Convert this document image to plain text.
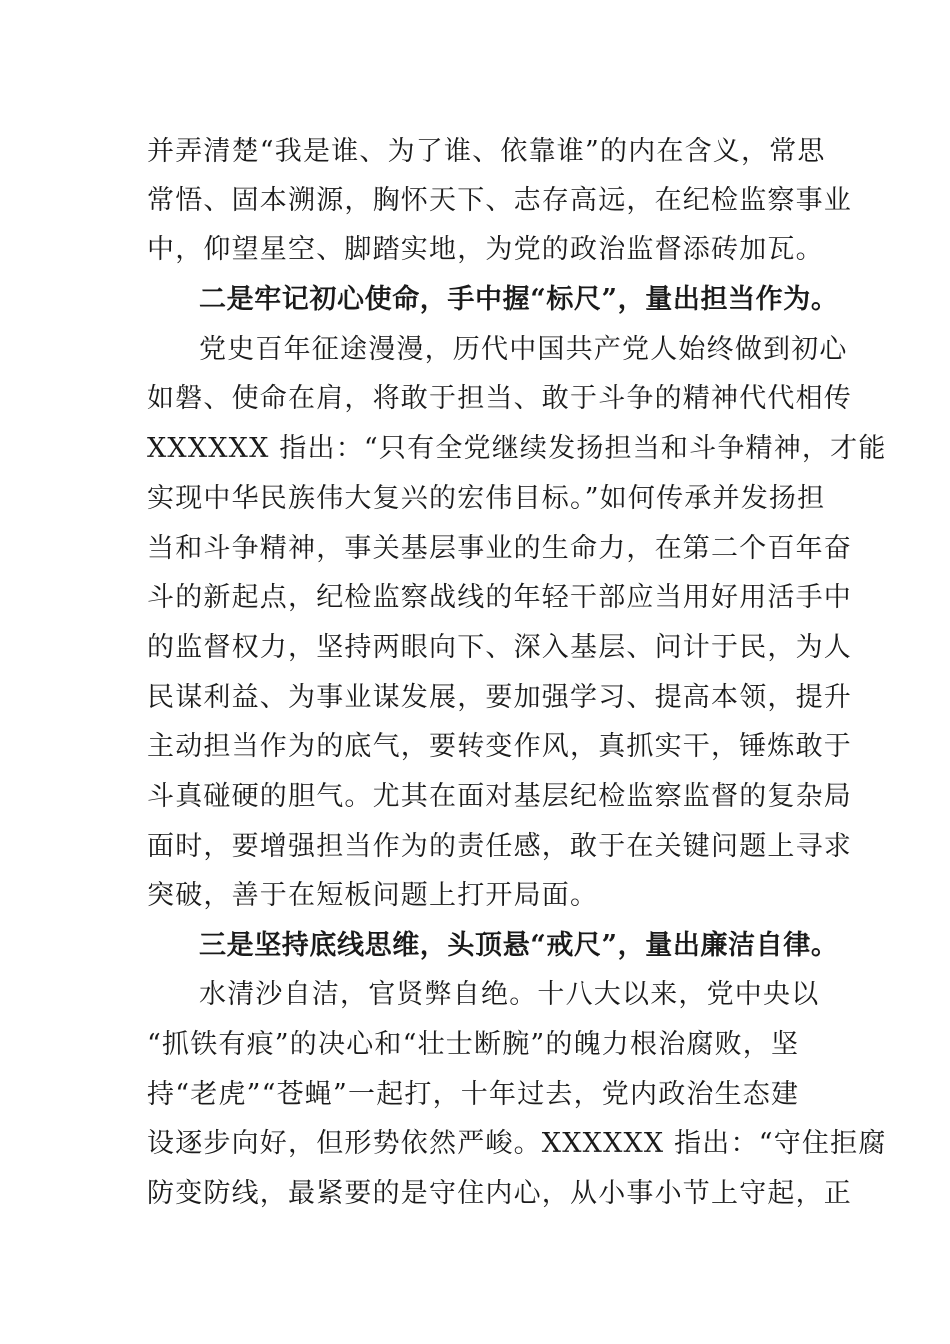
并弄清楚“我是谁、为了谁、依靠谁”的内在含义，常思
常悟、固本溯源，胸怀天下、志存高远，在纪检监察事业
中，仰望星空、脚踏实地，为党的政治监督添砖加瓦。
二是牢记初心使命，手中握“标尺”，量出担当作为。
党史百年征途漫漫，历代中国共产党人始终做到初心
如磐、使命在肩，将敢于担当、敢于斗争的精神代代相传
XXXXXX 指出：“只有全党继续发扬担当和斗争精神，才能
实现中华民族伟大复兴的宏伟目标。”如何传承并发扬担
当和斗争精神，事关基层事业的生命力，在第二个百年奋
斗的新起点，纪检监察战线的年轻干部应当用好用活手中
的监督权力，坚持两眼向下、深入基层、问计于民，为人
民谋利益、为事业谋发展，要加强学习、提高本领，提升
主动担当作为的底气，要转变作风，真抓实干，锤炼敢于
斗真碰硬的胆气。尤其在面对基层纪检监察监督的复杂局
面时，要增强担当作为的责任感，敢于在关键问题上寻求
突破，善于在短板问题上打开局面。
三是坚持底线思维，头顶悬“戒尺”，量出廉洁自律。
水清沙自洁，官贤弊自绝。十八大以来，党中央以
“抓铁有痕”的决心和“壮士断腕”的魄力根治腐败，坚
持“老虎”“苍蝇”一起打，十年过去，党内政治生态建
设逐步向好，但形势依然严峻。XXXXXX 指出：“守住拒腐
防变防线，最紧要的是守住内心，从小事小节上守起，正
